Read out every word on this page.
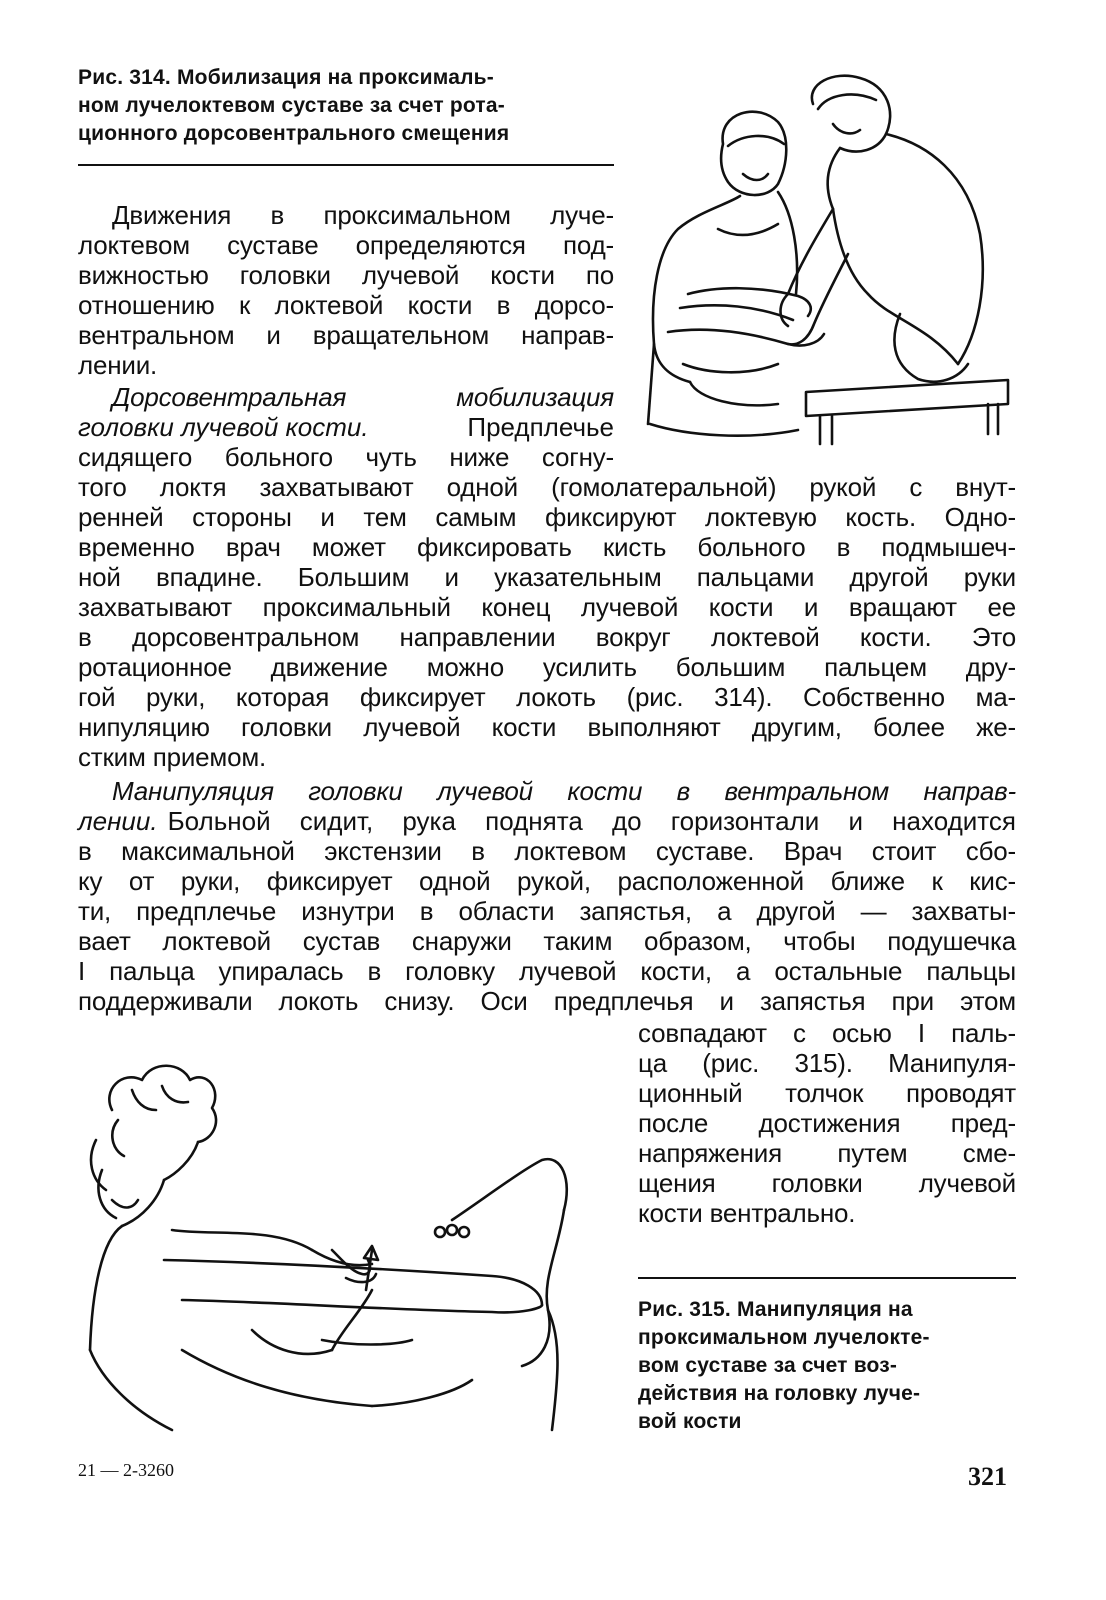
Рис. 314. Мобилизация на проксималь-
ном лучелоктевом суставе за счет рота-
ционного дорсовентрального смещения
Движения в проксимальном луче-
локтевом суставе определяются под-
вижностью головки лучевой кости по
отношению к локтевой кости в дорсо-
вентральном и вращательном направ-
лении.
Дорсовентральная мобилизация
головки лучевой кости.	Предплечье
сидящего больного чуть ниже согну-
того локтя захватывают одной (гомолатеральной) рукой с внут-
ренней стороны и тем самым фиксируют локтевую кость. Одно-
временно врач может фиксировать кисть больного в подмышеч-
ной впадине. Большим и указательным пальцами другой руки
захватывают проксимальный конец лучевой кости и вращают ее
в дорсовентральном направлении вокруг локтевой кости. Это
ротационное движение можно усилить большим пальцем дру-
гой руки, которая фиксирует локоть (рис. 314). Собственно ма-
нипуляцию головки лучевой кости выполняют другим, более же-
стким приемом.
Манипуляция головки лучевой кости в вентральном направ-
лении. Больной сидит, рука поднята до горизонтали и находится
в максимальной экстензии в локтевом суставе. Врач стоит сбо-
ку от руки, фиксирует одной рукой, расположенной ближе к кис-
ти, предплечье изнутри в области запястья, а другой — захваты-
вает локтевой сустав снаружи таким образом, чтобы подушечка
I пальца упиралась в головку лучевой кости, а остальные пальцы
поддерживали локоть снизу. Оси предплечья и запястья при этом
совпадают с осью I паль-
ца (рис. 315). Манипуля-
ционный толчок проводят
после достижения пред-
напряжения путем сме-
щения головки лучевой
кости вентрально.
Рис. 315. Манипуляция на
проксимальном лучелокте-
вом суставе за счет воз-
действия на головку луче-
вой кости
21 — 2-3260	321
